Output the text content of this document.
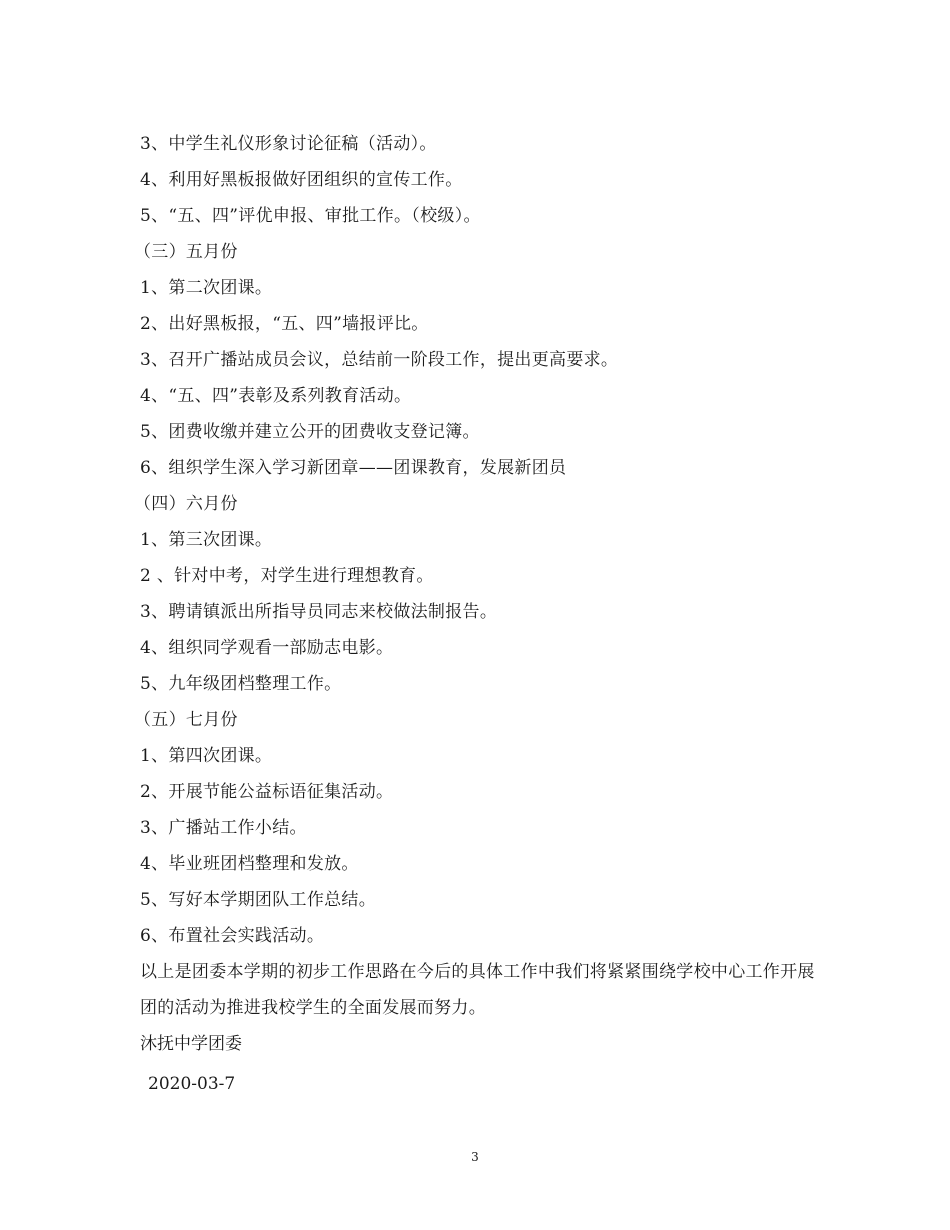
3、中学生礼仪形象讨论征稿（活动）。
4、利用好黑板报做好团组织的宣传工作。
5、“五、四”评优申报、审批工作。（校级）。
（三）五月份
1、第二次团课。
2、出好黑板报，“五、四”墙报评比。
3、召开广播站成员会议，总结前一阶段工作，提出更高要求。
4、“五、四”表彰及系列教育活动。
5、团费收缴并建立公开的团费收支登记簿。
6、组织学生深入学习新团章——团课教育，发展新团员
（四）六月份
1、第三次团课。
2 、针对中考，对学生进行理想教育。
3、聘请镇派出所指导员同志来校做法制报告。
4、组织同学观看一部励志电影。
5、九年级团档整理工作。
（五）七月份
1、第四次团课。
2、开展节能公益标语征集活动。
3、广播站工作小结。
4、毕业班团档整理和发放。
5、写好本学期团队工作总结。
6、布置社会实践活动。
以上是团委本学期的初步工作思路在今后的具体工作中我们将紧紧围绕学校中心工作开展团的活动为推进我校学生的全面发展而努力。
沐抚中学团委
2020-03-7
3
